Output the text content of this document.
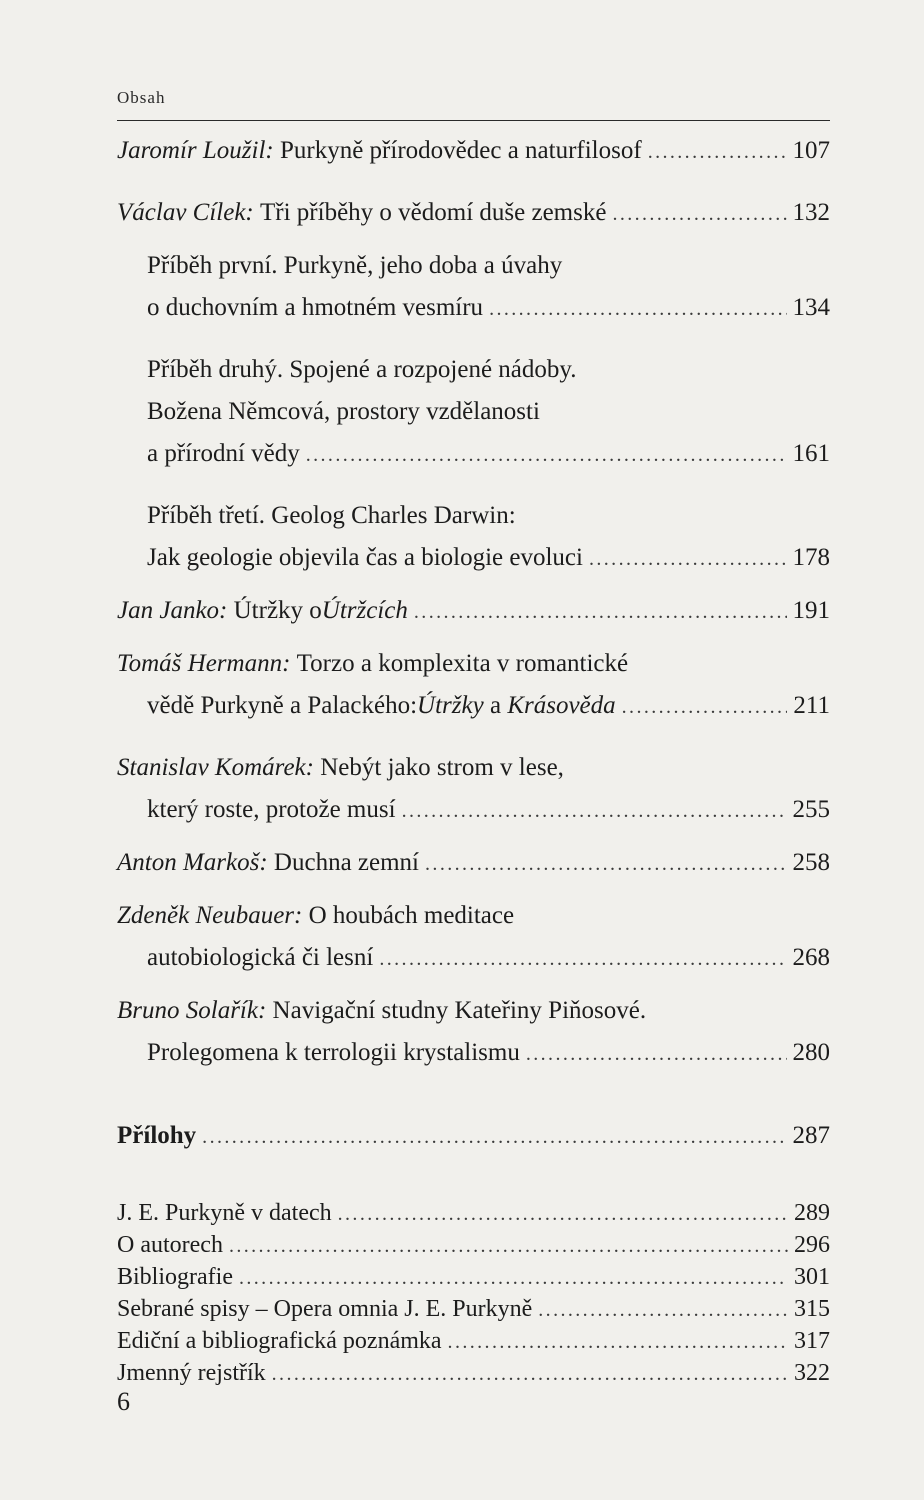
Obsah
Jaromír Loužil:
Purkyně přírodovědec a naturfilosof .....	107
Václav Cílek:
Tři příběhy o vědomí duše zemské .....	132
Příběh první. Purkyně, jeho doba a úvahy
o duchovním a hmotném vesmíru .....	134
Příběh druhý. Spojené a rozpojené nádoby.
Božena Němcová, prostory vzdělanosti
a přírodní vědy .....	161
Příběh třetí. Geolog Charles Darwin:
Jak geologie objevila čas a biologie evoluci .....	178
Jan Janko:
Útržky o Útržcích .....	191
Tomáš Hermann:
Torzo a komplexita v romantické
vědě Purkyně a Palackého: Útržky a Krásověda .....	211
Stanislav Komárek:
Nebýt jako strom v lese,
který roste, protože musí .....	255
Anton Markoš:
Duchna zemní .....	258
Zdeněk Neubauer:
O houbách meditace
autobiologická či lesní .....	268
Bruno Solařík:
Navigační studny Kateřiny Piňosové.
Prolegomena k terrologii krystalismu .....	280
Přílohy .....	287
J. E. Purkyně v datech .....	289
O autorech .....	296
Bibliografie .....	301
Sebrané spisy – Opera omnia J. E. Purkyně .....	315
Ediční a bibliografická poznámka .....	317
Jmenný rejstřík .....	322
6
